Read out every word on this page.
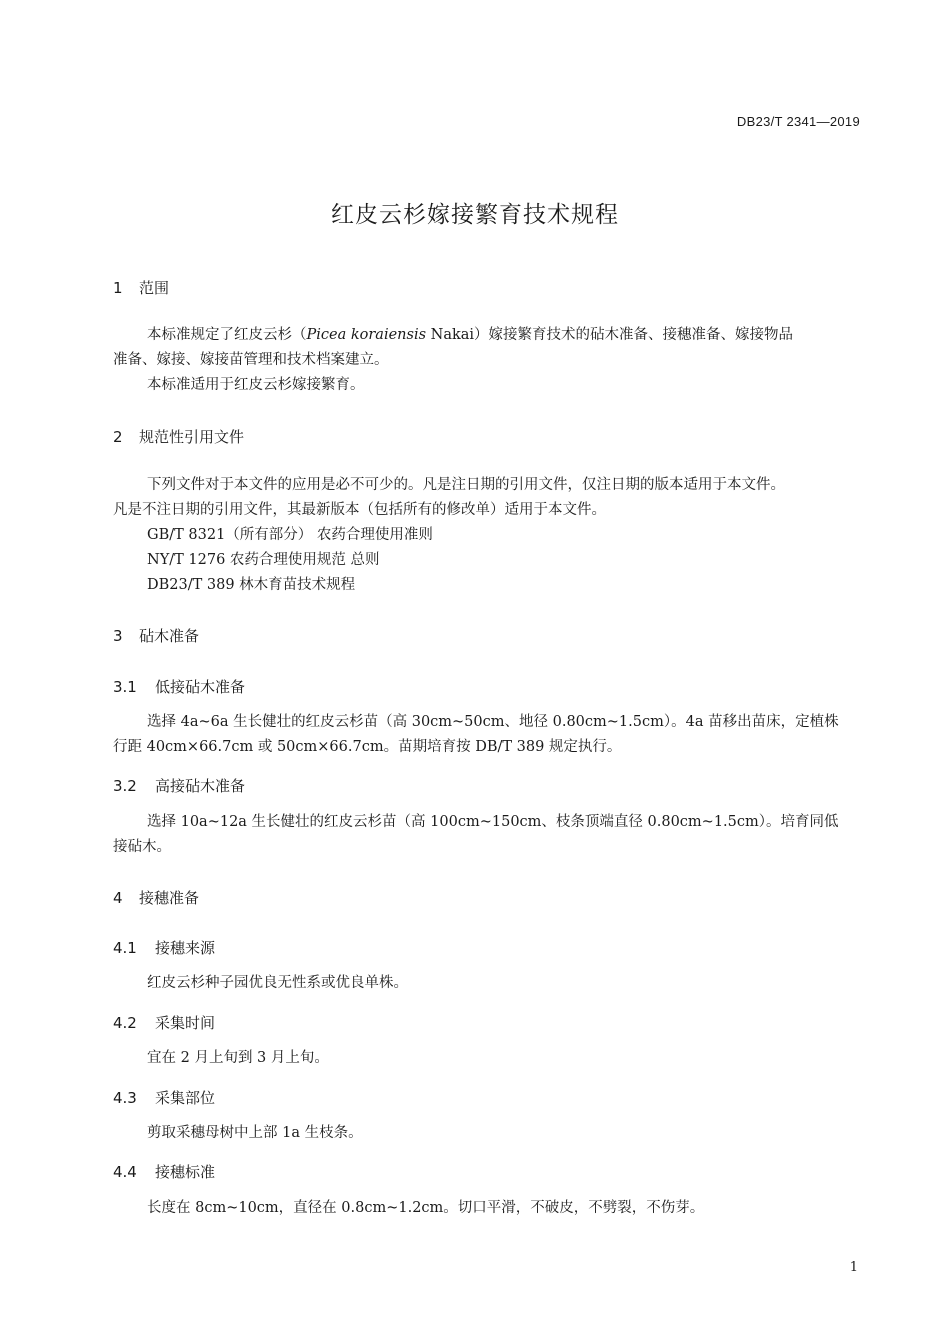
DB23/T 2341—2019
红皮云杉嫁接繁育技术规程
1 范围
本标准规定了红皮云杉（Picea koraiensis Nakai）嫁接繁育技术的砧木准备、接穗准备、嫁接物品
准备、嫁接、嫁接苗管理和技术档案建立。
本标准适用于红皮云杉嫁接繁育。
2 规范性引用文件
下列文件对于本文件的应用是必不可少的。凡是注日期的引用文件，仅注日期的版本适用于本文件。
凡是不注日期的引用文件，其最新版本（包括所有的修改单）适用于本文件。
GB/T 8321（所有部分） 农药合理使用准则
NY/T 1276 农药合理使用规范 总则
DB23/T 389 林木育苗技术规程
3 砧木准备
3.1 低接砧木准备
选择 4a~6a 生长健壮的红皮云杉苗（高 30cm~50cm、地径 0.80cm~1.5cm）。4a 苗移出苗床，定植株
行距 40cm×66.7cm 或 50cm×66.7cm。苗期培育按 DB/T 389 规定执行。
3.2 高接砧木准备
选择 10a~12a 生长健壮的红皮云杉苗（高 100cm~150cm、枝条顶端直径 0.80cm~1.5cm）。培育同低
接砧木。
4 接穗准备
4.1 接穗来源
红皮云杉种子园优良无性系或优良单株。
4.2 采集时间
宜在 2 月上旬到 3 月上旬。
4.3 采集部位
剪取采穗母树中上部 1a 生枝条。
4.4 接穗标准
长度在 8cm~10cm，直径在 0.8cm~1.2cm。切口平滑，不破皮，不劈裂，不伤芽。
1
